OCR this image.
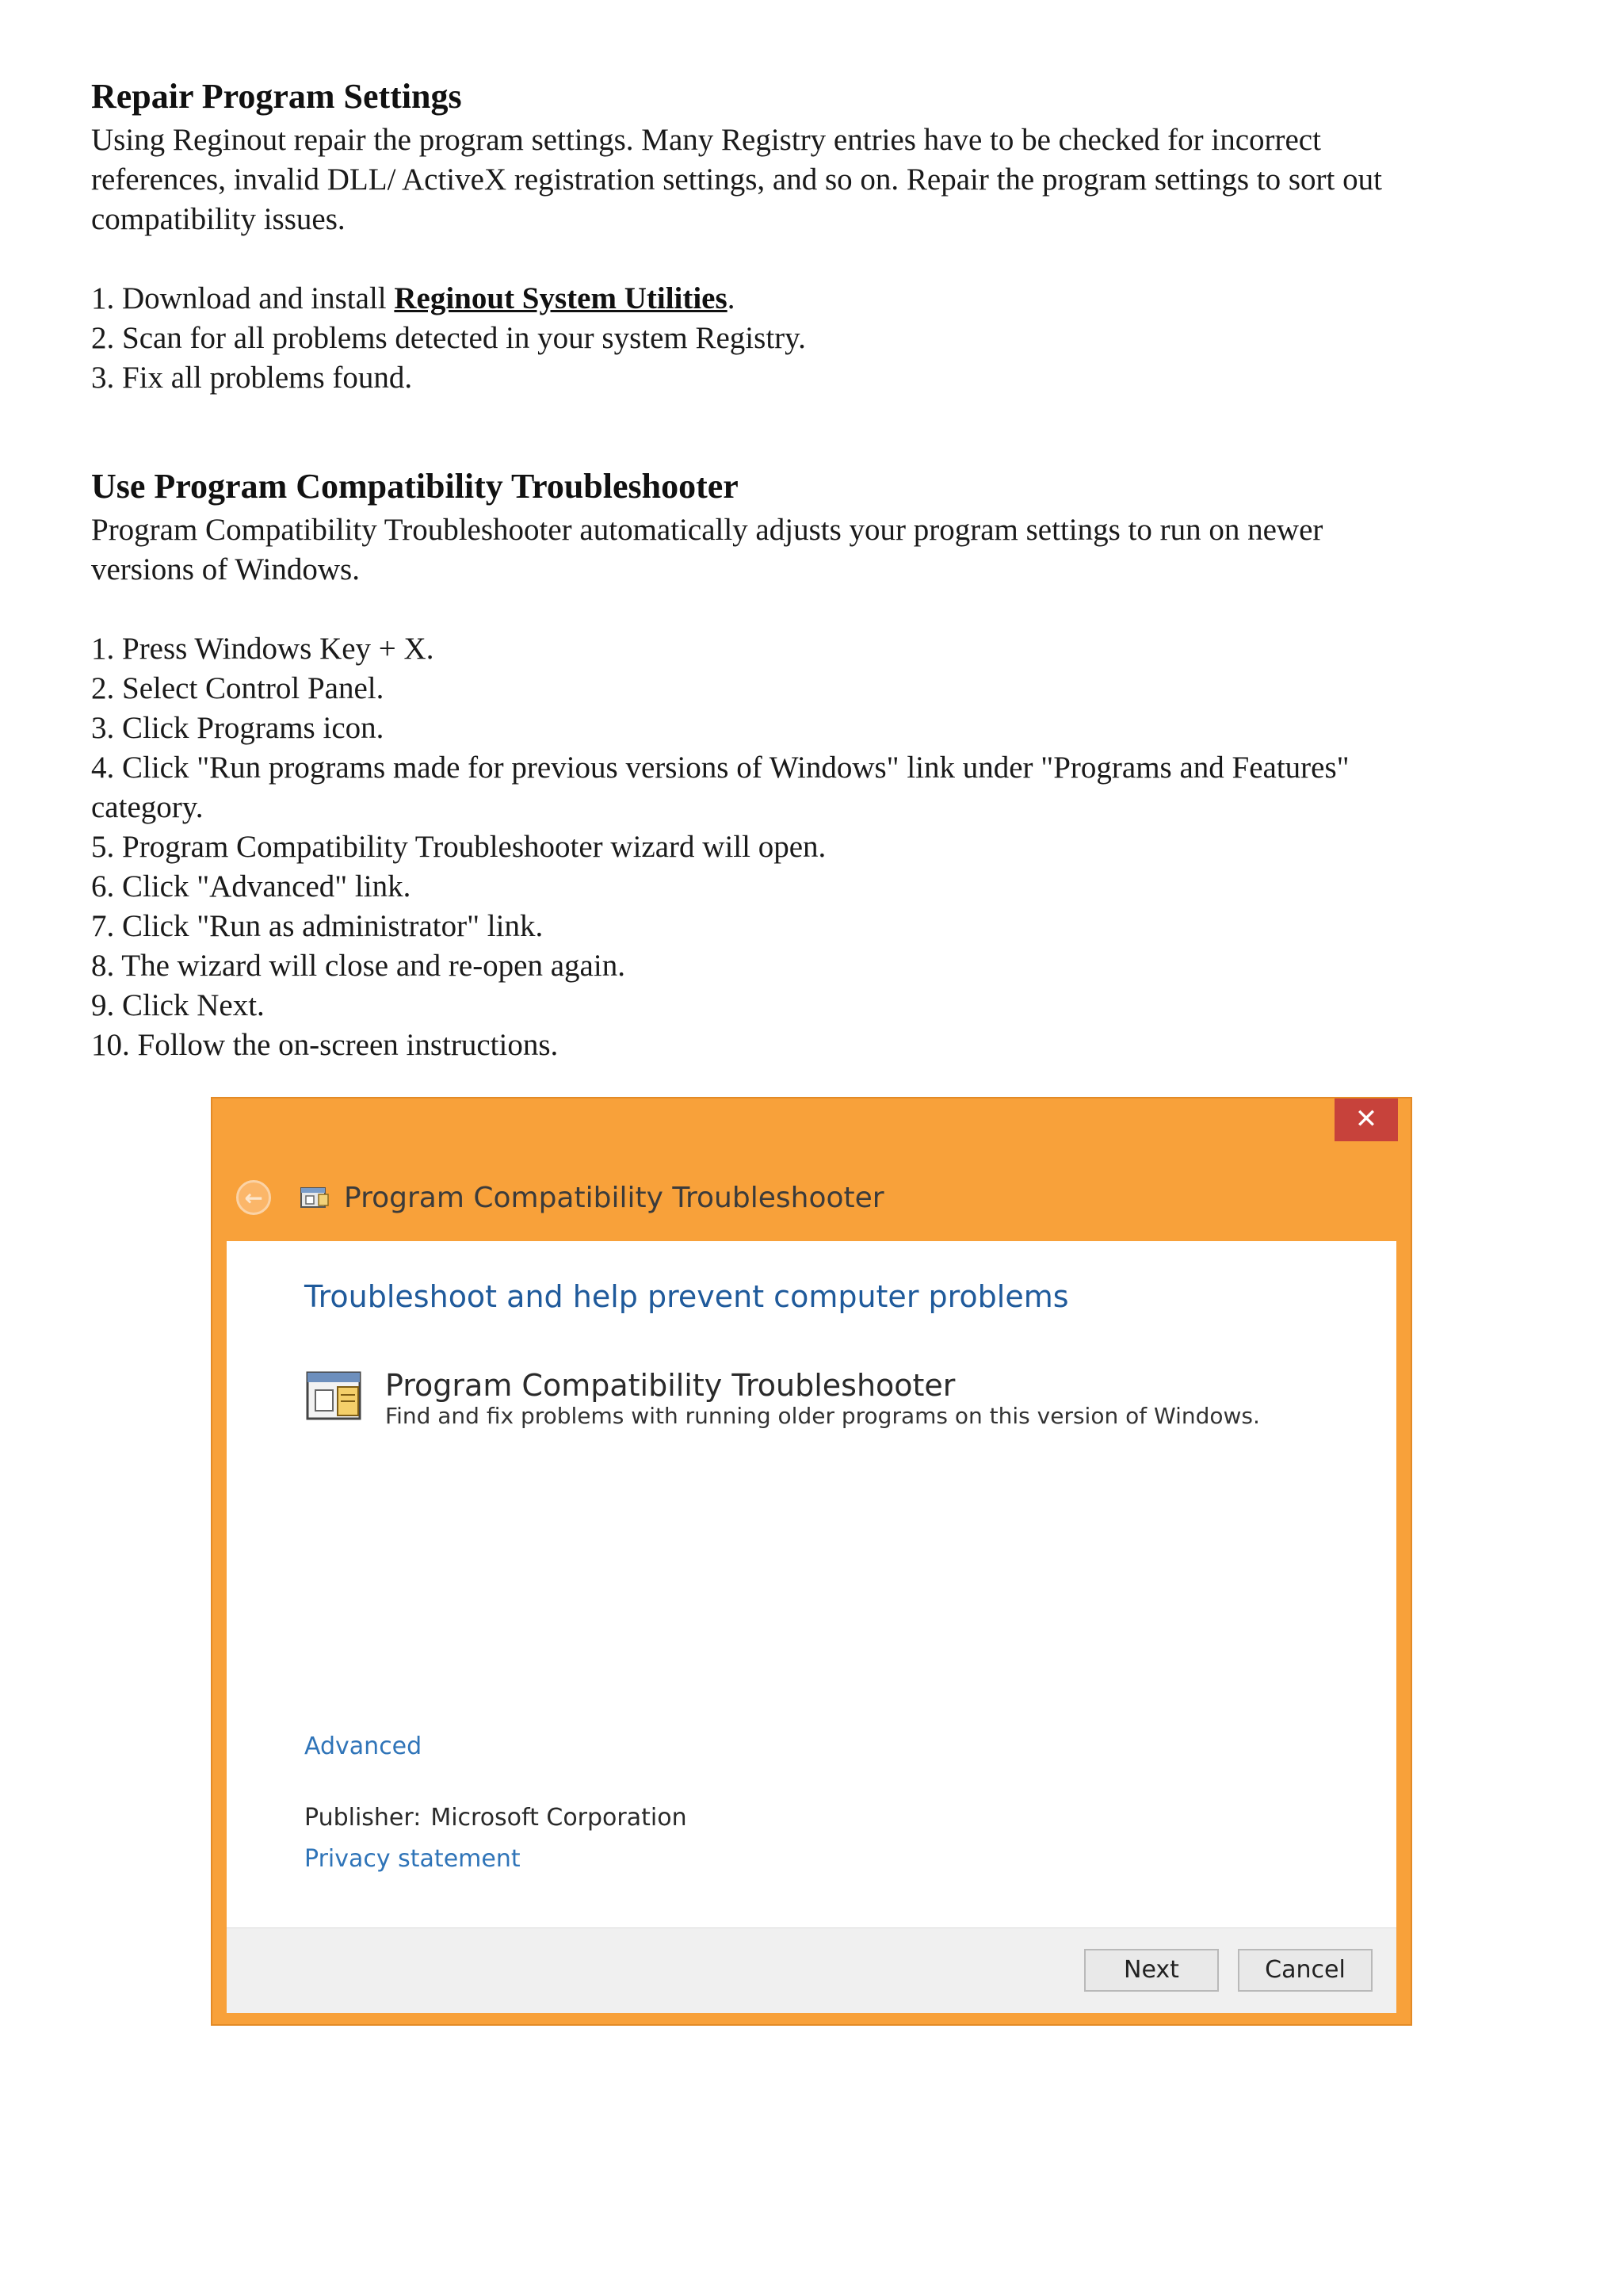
Repair Program Settings

Using Reginout repair the program settings. Many Registry entries have to be checked for incorrect

references, invalid DLL/ ActiveX registration settings, and so on. Repair the program settings to sort out

compatibility issues.

1. Download and install Reginout System Utilities.
2. Scan for all problems detected in your system Registry.
3. Fix all problems found.
Use Program Compatibility Troubleshooter

Program Compatibility Troubleshooter automatically adjusts your program settings to run on newer

versions of Windows.

1. Press Windows Key + X.
2. Select Control Panel.
3. Click Programs icon.
4. Click "Run programs made for previous versions of Windows" link under "Programs and Features"
category.
5. Program Compatibility Troubleshooter wizard will open.
6. Click "Advanced" link.
7. Click "Run as administrator" link.
8. The wizard will close and re-open again.
9. Click Next.
10. Follow the on-screen instructions.
✕
←	Program Compatibility Troubleshooter
Troubleshoot and help prevent computer problems
Program Compatibility Troubleshooter
Find and fix problems with running older programs on this version of Windows.
Advanced
Publisher: Microsoft Corporation
Privacy statement
Next	Cancel
